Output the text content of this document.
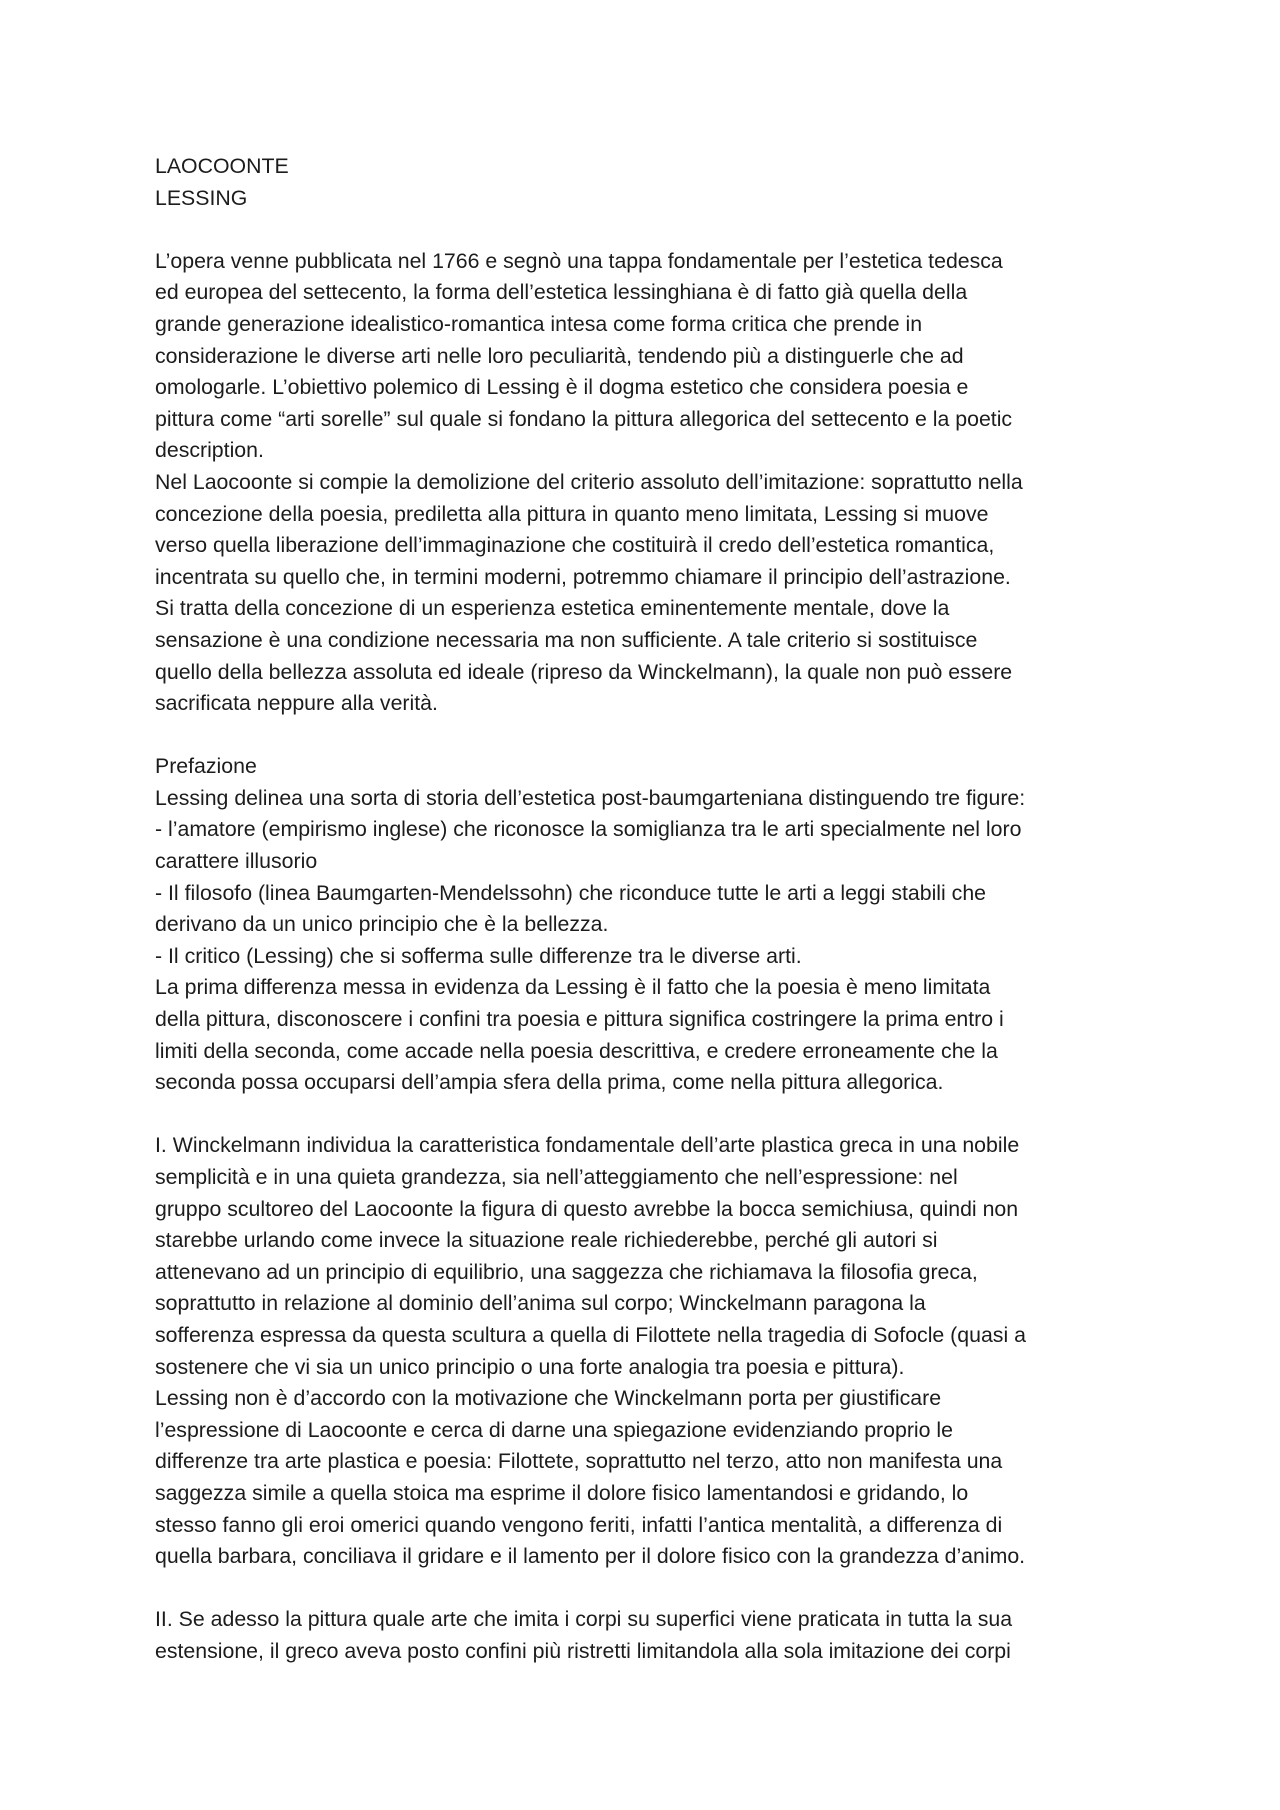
LAOCOONTE
LESSING
L’opera venne pubblicata nel 1766 e segnò una tappa fondamentale per l’estetica tedesca
ed europea del settecento, la forma dell’estetica lessinghiana è di fatto già quella della
grande generazione idealistico-romantica intesa come forma critica che prende in
considerazione le diverse arti nelle loro peculiarità, tendendo più a distinguerle che ad
omologarle. L’obiettivo polemico di Lessing è il dogma estetico che considera poesia e
pittura come “arti sorelle” sul quale si fondano la pittura allegorica del settecento e la poetic
description.
Nel Laocoonte si compie la demolizione del criterio assoluto dell’imitazione: soprattutto nella
concezione della poesia, prediletta alla pittura in quanto meno limitata, Lessing si muove
verso quella liberazione dell’immaginazione che costituirà il credo dell’estetica romantica,
incentrata su quello che, in termini moderni, potremmo chiamare il principio dell’astrazione.
Si tratta della concezione di un esperienza estetica eminentemente mentale, dove la
sensazione è una condizione necessaria ma non sufficiente. A tale criterio si sostituisce
quello della bellezza assoluta ed ideale (ripreso da Winckelmann), la quale non può essere
sacrificata neppure alla verità.
Prefazione
Lessing delinea una sorta di storia dell’estetica post-baumgarteniana distinguendo tre figure:
- l’amatore (empirismo inglese) che riconosce la somiglianza tra le arti specialmente nel loro
carattere illusorio
- Il filosofo (linea Baumgarten-Mendelssohn) che riconduce tutte le arti a leggi stabili che
derivano da un unico principio che è la bellezza.
- Il critico (Lessing) che si sofferma sulle differenze tra le diverse arti.
La prima differenza messa in evidenza da Lessing è il fatto che la poesia è meno limitata
della pittura, disconoscere i confini tra poesia e pittura significa costringere la prima entro i
limiti della seconda, come accade nella poesia descrittiva, e credere erroneamente che la
seconda possa occuparsi dell’ampia sfera della prima, come nella pittura allegorica.
I. Winckelmann individua la caratteristica fondamentale dell’arte plastica greca in una nobile
semplicità e in una quieta grandezza, sia nell’atteggiamento che nell’espressione: nel
gruppo scultoreo del Laocoonte la figura di questo avrebbe la bocca semichiusa, quindi non
starebbe urlando come invece la situazione reale richiederebbe, perché gli autori si
attenevano ad un principio di equilibrio, una saggezza che richiamava la filosofia greca,
soprattutto in relazione al dominio dell’anima sul corpo; Winckelmann paragona la
sofferenza espressa da questa scultura a quella di Filottete nella tragedia di Sofocle (quasi a
sostenere che vi sia un unico principio o una forte analogia tra poesia e pittura).
Lessing non è d’accordo con la motivazione che Winckelmann porta per giustificare
l’espressione di Laocoonte e cerca di darne una spiegazione evidenziando proprio le
differenze tra arte plastica e poesia: Filottete, soprattutto nel terzo, atto non manifesta una
saggezza simile a quella stoica ma esprime il dolore fisico lamentandosi e gridando, lo
stesso fanno gli eroi omerici quando vengono feriti, infatti l’antica mentalità, a differenza di
quella barbara, conciliava il gridare e il lamento per il dolore fisico con la grandezza d’animo.
II. Se adesso la pittura quale arte che imita i corpi su superfici viene praticata in tutta la sua
estensione, il greco aveva posto confini più ristretti limitandola alla sola imitazione dei corpi
